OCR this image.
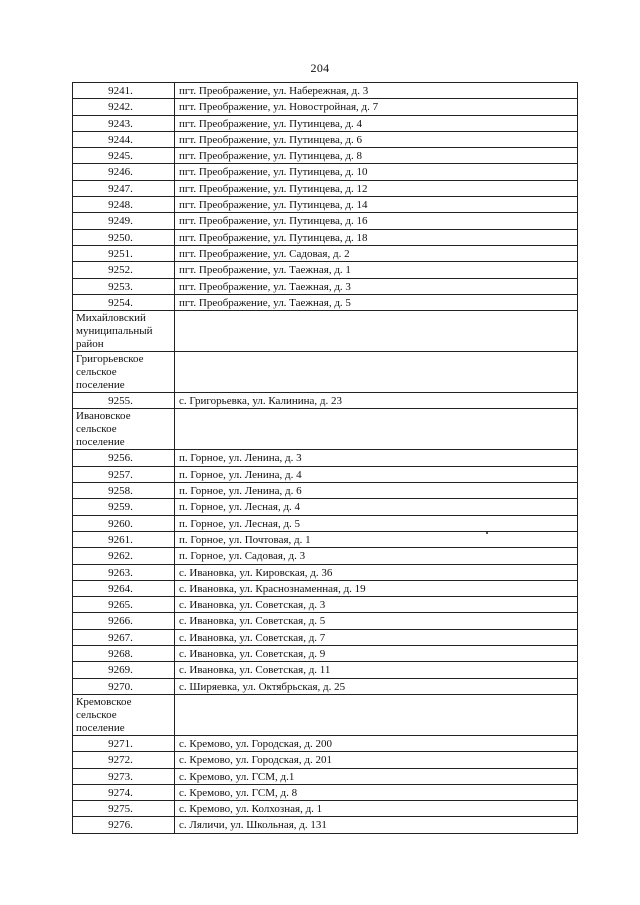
204
9241.	пгт. Преображение, ул. Набережная, д. 3
9242.	пгт. Преображение, ул. Новостройная, д. 7
9243.	пгт. Преображение, ул. Путинцева, д. 4
9244.	пгт. Преображение, ул. Путинцева, д. 6
9245.	пгт. Преображение, ул. Путинцева, д. 8
9246.	пгт. Преображение, ул. Путинцева, д. 10
9247.	пгт. Преображение, ул. Путинцева, д. 12
9248.	пгт. Преображение, ул. Путинцева, д. 14
9249.	пгт. Преображение, ул. Путинцева, д. 16
9250.	пгт. Преображение, ул. Путинцева, д. 18
9251.	пгт. Преображение, ул. Садовая, д. 2
9252.	пгт. Преображение, ул. Таежная, д. 1
9253.	пгт. Преображение, ул. Таежная, д. 3
9254.	пгт. Преображение, ул. Таежная, д. 5
Михайловский
муниципальный
район	
Григорьевское
сельское
поселение	
9255.	с. Григорьевка, ул. Калинина, д. 23
Ивановское
сельское
поселение	
9256.	п. Горное, ул. Ленина, д. 3
9257.	п. Горное, ул. Ленина, д. 4
9258.	п. Горное, ул. Ленина, д. 6
9259.	п. Горное, ул. Лесная, д. 4
9260.	п. Горное, ул. Лесная, д. 5
9261.	п. Горное, ул. Почтовая, д. 1
9262.	п. Горное, ул. Садовая, д. 3
9263.	с. Ивановка, ул. Кировская, д. 36
9264.	с. Ивановка, ул. Краснознаменная, д. 19
9265.	с. Ивановка, ул. Советская, д. 3
9266.	с. Ивановка, ул. Советская, д. 5
9267.	с. Ивановка, ул. Советская, д. 7
9268.	с. Ивановка, ул. Советская, д. 9
9269.	с. Ивановка, ул. Советская, д. 11
9270.	с. Ширяевка, ул. Октябрьская, д. 25
Кремовское
сельское
поселение	
9271.	с. Кремово, ул. Городская, д. 200
9272.	с. Кремово, ул. Городская, д. 201
9273.	с. Кремово, ул. ГСМ, д.1
9274.	с. Кремово, ул. ГСМ, д. 8
9275.	с. Кремово, ул. Колхозная, д. 1
9276.	с. Ляличи, ул. Школьная, д. 131
